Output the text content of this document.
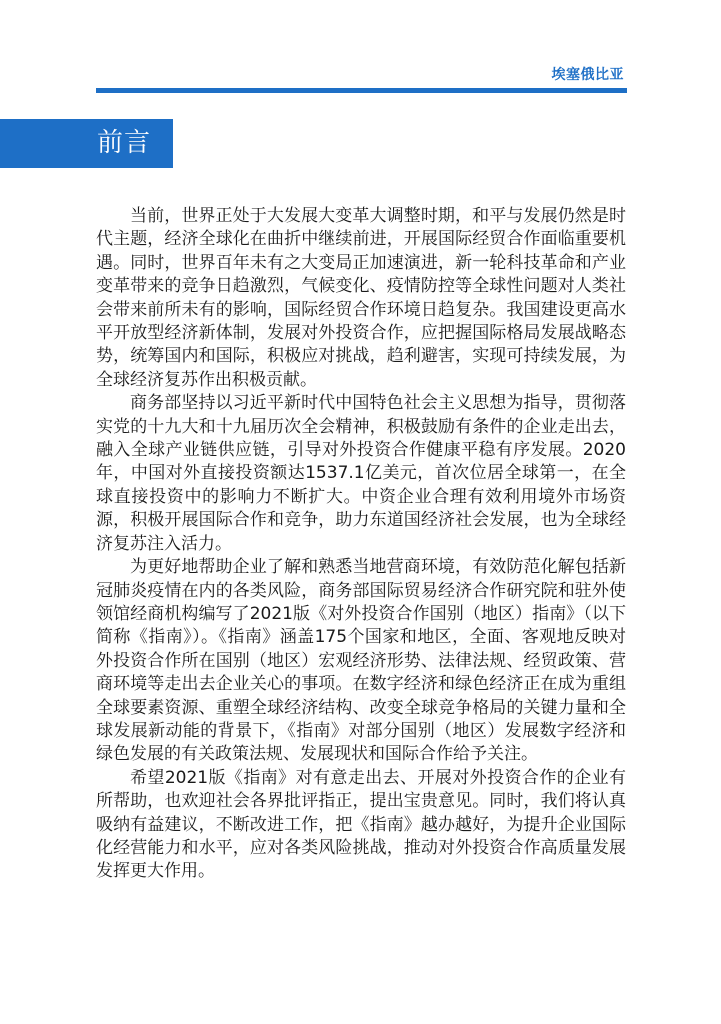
埃塞俄比亚
前言

当前，世界正处于大发展大变革大调整时期，和平与发展仍然是时代主题，经济全球化在曲折中继续前进，开展国际经贸合作面临重要机遇。同时，世界百年未有之大变局正加速演进，新一轮科技革命和产业变革带来的竞争日趋激烈，气候变化、疫情防控等全球性问题对人类社会带来前所未有的影响，国际经贸合作环境日趋复杂。我国建设更高水平开放型经济新体制，发展对外投资合作，应把握国际格局发展战略态势，统筹国内和国际，积极应对挑战，趋利避害，实现可持续发展，为全球经济复苏作出积极贡献。

商务部坚持以习近平新时代中国特色社会主义思想为指导，贯彻落实党的十九大和十九届历次全会精神，积极鼓励有条件的企业走出去，融入全球产业链供应链，引导对外投资合作健康平稳有序发展。2020年，中国对外直接投资额达1537.1亿美元，首次位居全球第一，在全球直接投资中的影响力不断扩大。中资企业合理有效利用境外市场资源，积极开展国际合作和竞争，助力东道国经济社会发展，也为全球经济复苏注入活力。

为更好地帮助企业了解和熟悉当地营商环境，有效防范化解包括新冠肺炎疫情在内的各类风险，商务部国际贸易经济合作研究院和驻外使领馆经商机构编写了2021版《对外投资合作国别（地区）指南》（以下简称《指南》）。《指南》涵盖175个国家和地区，全面、客观地反映对外投资合作所在国别（地区）宏观经济形势、法律法规、经贸政策、营商环境等走出去企业关心的事项。在数字经济和绿色经济正在成为重组全球要素资源、重塑全球经济结构、改变全球竞争格局的关键力量和全球发展新动能的背景下，《指南》对部分国别（地区）发展数字经济和绿色发展的有关政策法规、发展现状和国际合作给予关注。

希望2021版《指南》对有意走出去、开展对外投资合作的企业有所帮助，也欢迎社会各界批评指正，提出宝贵意见。同时，我们将认真吸纳有益建议，不断改进工作，把《指南》越办越好，为提升企业国际化经营能力和水平，应对各类风险挑战，推动对外投资合作高质量发展发挥更大作用。
